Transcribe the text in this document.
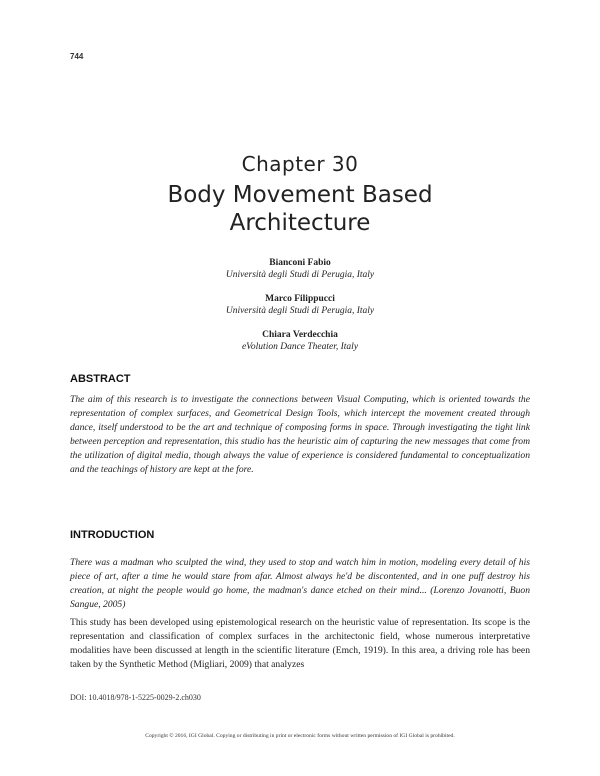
744
Chapter 30
Body Movement Based
Architecture
Bianconi Fabio
Università degli Studi di Perugia, Italy
Marco Filippucci
Università degli Studi di Perugia, Italy
Chiara Verdecchia
eVolution Dance Theater, Italy
ABSTRACT

The aim of this research is to investigate the connections between Visual Computing, which is oriented towards the representation of complex surfaces, and Geometrical Design Tools, which intercept the movement created through dance, itself understood to be the art and technique of composing forms in space. Through investigating the tight link between perception and representation, this studio has the heuristic aim of capturing the new messages that come from the utilization of digital media, though always the value of experience is considered fundamental to conceptualization and the teachings of history are kept at the fore.

INTRODUCTION

There was a madman who sculpted the wind, they used to stop and watch him in motion, modeling every detail of his piece of art, after a time he would stare from afar. Almost always he'd be discontented, and in one puff destroy his creation, at night the people would go home, the madman's dance etched on their mind... (Lorenzo Jovanotti, Buon Sangue, 2005)

This study has been developed using epistemological research on the heuristic value of representation. Its scope is the representation and classification of complex surfaces in the architectonic field, whose numerous interpretative modalities have been discussed at length in the scientific literature (Emch, 1919). In this area, a driving role has been taken by the Synthetic Method (Migliari, 2009) that analyzes

DOI: 10.4018/978-1-5225-0029-2.ch030
Copyright © 2016, IGI Global. Copying or distributing in print or electronic forms without written permission of IGI Global is prohibited.
